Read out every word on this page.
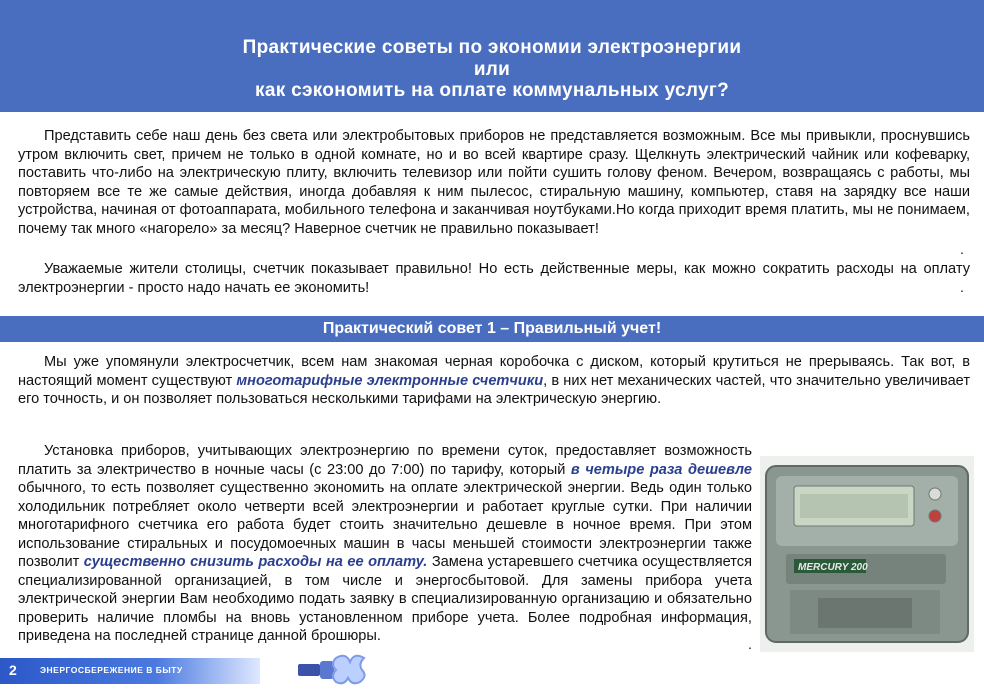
Практические советы по экономии электроэнергии
или
как сэкономить на оплате коммунальных услуг?

Представить себе наш день без света или электробытовых приборов не представляется возможным. Все мы привыкли, проснувшись утром включить свет, причем не только в одной комнате, но и во всей квартире сразу. Щелкнуть электрический чайник или кофеварку, поставить что-либо на электрическую плиту, включить телевизор или пойти сушить голову феном. Вечером, возвращаясь с работы, мы повторяем все те же самые действия, иногда добавляя к ним пылесос, стиральную машину, компьютер, ставя на зарядку все наши устройства, начиная от фотоаппарата, мобильного телефона и заканчивая ноутбуками.Но когда приходит время платить, мы не понимаем, почему так много «нагорело» за месяц? Наверное счетчик не правильно показывает!

Уважаемые жители столицы, счетчик показывает правильно! Но есть действенные меры, как можно сократить расходы на оплату электроэнергии - просто надо начать ее экономить!

.
.
Практический совет 1 – Правильный учет!

Мы уже упомянули электросчетчик, всем нам знакомая черная коробочка с диском, который крутиться не прерываясь. Так вот, в настоящий момент существуют многотарифные электронные счетчики, в них нет механических частей, что значительно увеличивает его точность, и он позволяет пользоваться несколькими тарифами на электрическую энергию.

Установка приборов, учитывающих электроэнергию по времени суток, предоставляет возможность платить за электричество в ночные часы (с 23:00 до 7:00) по тарифу, который в четыре раза дешевле обычного, то есть позволяет существенно экономить на оплате электрической энергии. Ведь один только холодильник потребляет около четверти всей электроэнергии и работает круглые сутки. При наличии многотарифного счетчика его работа будет стоить значительно дешевле в ночное время. При этом использование стиральных и посудомоечных машин в часы меньшей стоимости электроэнергии также позволит существенно снизить расходы на ее оплату. Замена устаревшего счетчика осуществляется специализированной организацией, в том числе и энергосбытовой. Для замены прибора учета электрической энергии Вам необходимо подать заявку в специализированную организацию и обязательно проверить наличие пломбы на вновь установленном приборе учета. Более подробная информация, приведена на последней странице данной брошюры.	.
MERCURY 200
2	ЭНЕРГОСБЕРЕЖЕНИЕ В БЫТУ
